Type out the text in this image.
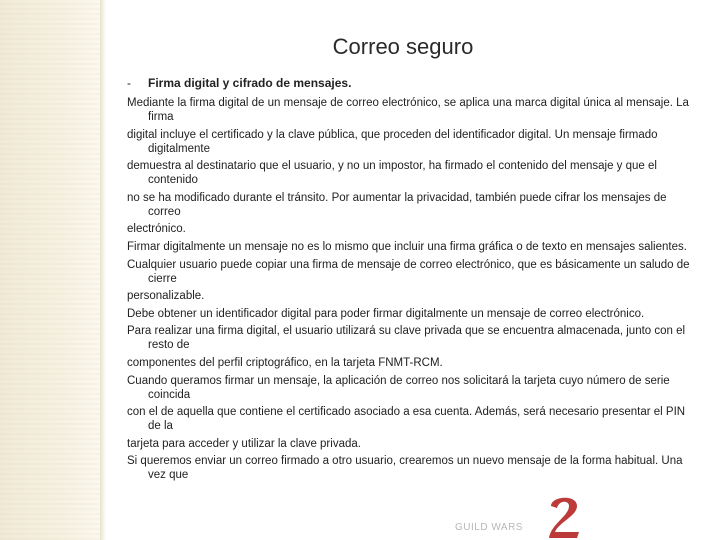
Correo seguro
- Firma digital y cifrado de mensajes.

Mediante la firma digital de un mensaje de correo electrónico, se aplica una marca digital única al mensaje. La firma

digital incluye el certificado y la clave pública, que proceden del identificador digital. Un mensaje firmado digitalmente

demuestra al destinatario que el usuario, y no un impostor, ha firmado el contenido del mensaje y que el contenido

no se ha modificado durante el tránsito. Por aumentar la privacidad, también puede cifrar los mensajes de correo

electrónico.

Firmar digitalmente un mensaje no es lo mismo que incluir una firma gráfica o de texto en mensajes salientes.

Cualquier usuario puede copiar una firma de mensaje de correo electrónico, que es básicamente un saludo de cierre

personalizable.

Debe obtener un identificador digital para poder firmar digitalmente un mensaje de correo electrónico.

Para realizar una firma digital, el usuario utilizará su clave privada que se encuentra almacenada, junto con el resto de

componentes del perfil criptográfico, en la tarjeta FNMT-RCM.

Cuando queramos firmar un mensaje, la aplicación de correo nos solicitará la tarjeta cuyo número de serie coincida

con el de aquella que contiene el certificado asociado a esa cuenta. Además, será necesario presentar el PIN de la

tarjeta para acceder y utilizar la clave privada.

Si queremos enviar un correo firmado a otro usuario, crearemos un nuevo mensaje de la forma habitual. Una vez que

GUILD WARS
